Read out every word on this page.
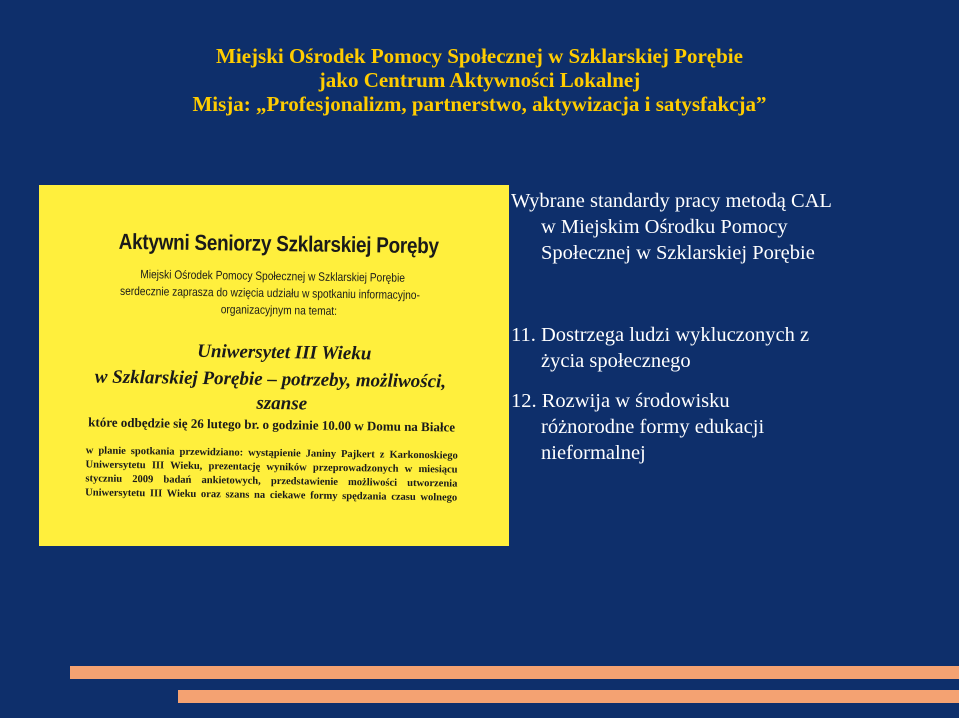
Miejski Ośrodek Pomocy Społecznej w Szklarskiej Porębie
jako Centrum Aktywności Lokalnej
Misja: „Profesjonalizm, partnerstwo, aktywizacja i satysfakcja”
Aktywni Seniorzy Szklarskiej Poręby
Miejski Ośrodek Pomocy Społecznej w Szklarskiej Porębie
serdecznie zaprasza do wzięcia udziału w spotkaniu informacyjno-
organizacyjnym na temat:
Uniwersytet III Wieku
w Szklarskiej Porębie – potrzeby, możliwości,
szanse
które odbędzie się 26 lutego br. o godzinie 10.00 w Domu na Białce
w planie spotkania przewidziano: wystąpienie Janiny Pajkert z Karkonoskiego
Uniwersytetu III Wieku, prezentację wyników przeprowadzonych w miesiącu
styczniu 2009 badań ankietowych, przedstawienie możliwości utworzenia
Uniwersytetu III Wieku oraz szans na ciekawe formy spędzania czasu wolnego
Wybrane standardy pracy metodą CAL
w Miejskim Ośrodku Pomocy
Społecznej w Szklarskiej Porębie
11. Dostrzega ludzi wykluczonych z
życia społecznego
12. Rozwija w środowisku
różnorodne formy edukacji
nieformalnej
